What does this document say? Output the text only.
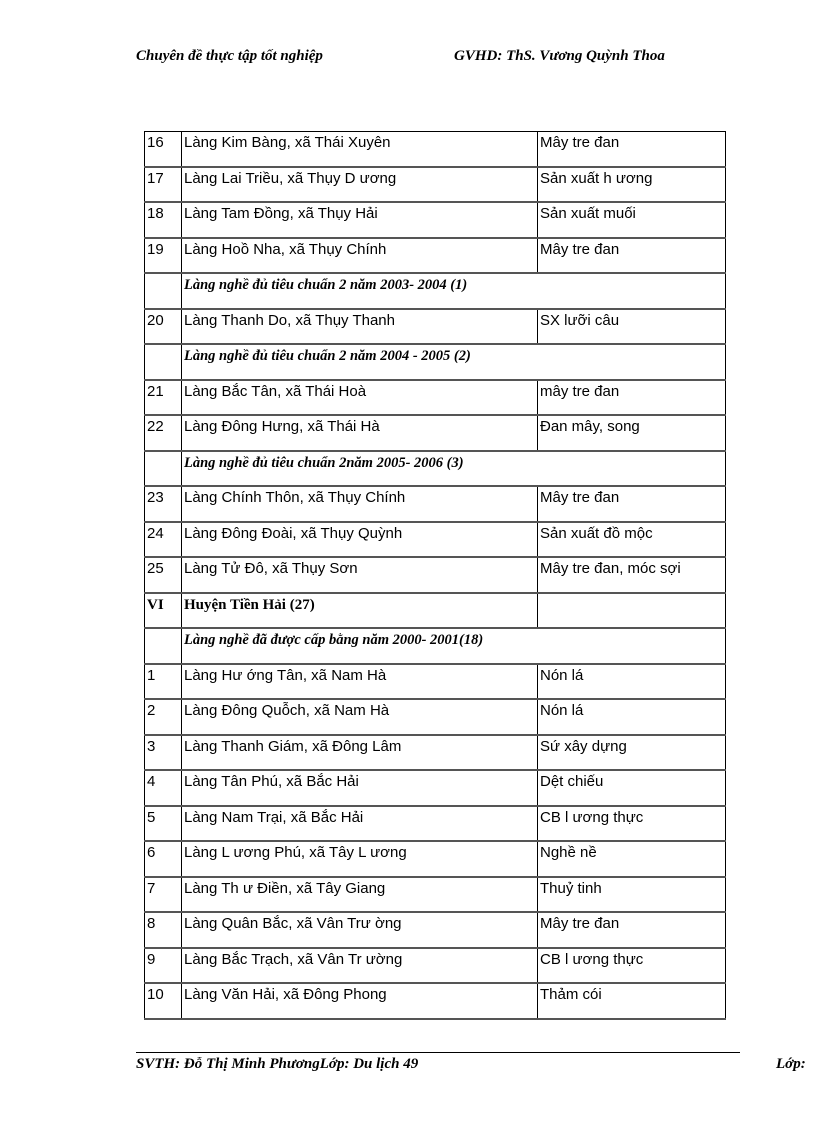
Chuyên đề thực tập tốt nghiệp	GVHD: ThS. Vương Quỳnh Thoa
16	Làng Kim Bàng, xã Thái Xuyên	Mây tre đan
17	Làng Lai Triều, xã Thụy D ương	Sản xuất h ương
18	Làng Tam Đồng, xã Thụy Hải	Sản xuất muối
19	Làng Hoồ Nha, xã Thụy Chính	Mây tre đan
	Làng nghề đủ tiêu chuẩn 2 năm 2003- 2004 (1)	
20	Làng Thanh Do, xã Thụy Thanh	SX lưỡi câu
	Làng nghề đủ tiêu chuẩn 2 năm 2004 - 2005 (2)	
21	Làng Bắc Tân, xã Thái Hoà	mây tre đan
22	Làng Đông Hưng, xã Thái Hà	Đan mây, song
	Làng nghề đủ tiêu chuẩn 2năm 2005- 2006 (3)	
23	Làng Chính Thôn, xã Thụy Chính	Mây tre đan
24	Làng Đông Đoài, xã Thụy Quỳnh	Sản xuất đồ mộc
25	Làng Tử Đô, xã Thụy Sơn	Mây tre đan, móc sợi
VI	Huyện Tiền Hải (27)	
	Làng nghề đã được cấp bằng năm 2000- 2001(18)	
1	Làng Hư ớng Tân, xã Nam Hà	Nón lá
2	Làng Đông Quỗch, xã Nam Hà	Nón lá
3	Làng Thanh Giám, xã Đông Lâm	Sứ xây dựng
4	Làng Tân Phú, xã Bắc Hải	Dệt chiếu
5	Làng Nam Trại, xã Bắc Hải	CB l ương thực
6	Làng L ương Phú, xã Tây L ương	Nghề nề
7	Làng Th ư Điền, xã Tây Giang	Thuỷ tinh
8	Làng Quân Bắc, xã Vân Trư ờng	Mây tre đan
9	Làng Bắc Trạch, xã Vân Tr ường	CB l ương thực
10	Làng Văn Hải, xã Đông Phong	Thảm cói
SVTH: Đỗ Thị Minh PhươngLớp: Du lịch 49	Lớp:
